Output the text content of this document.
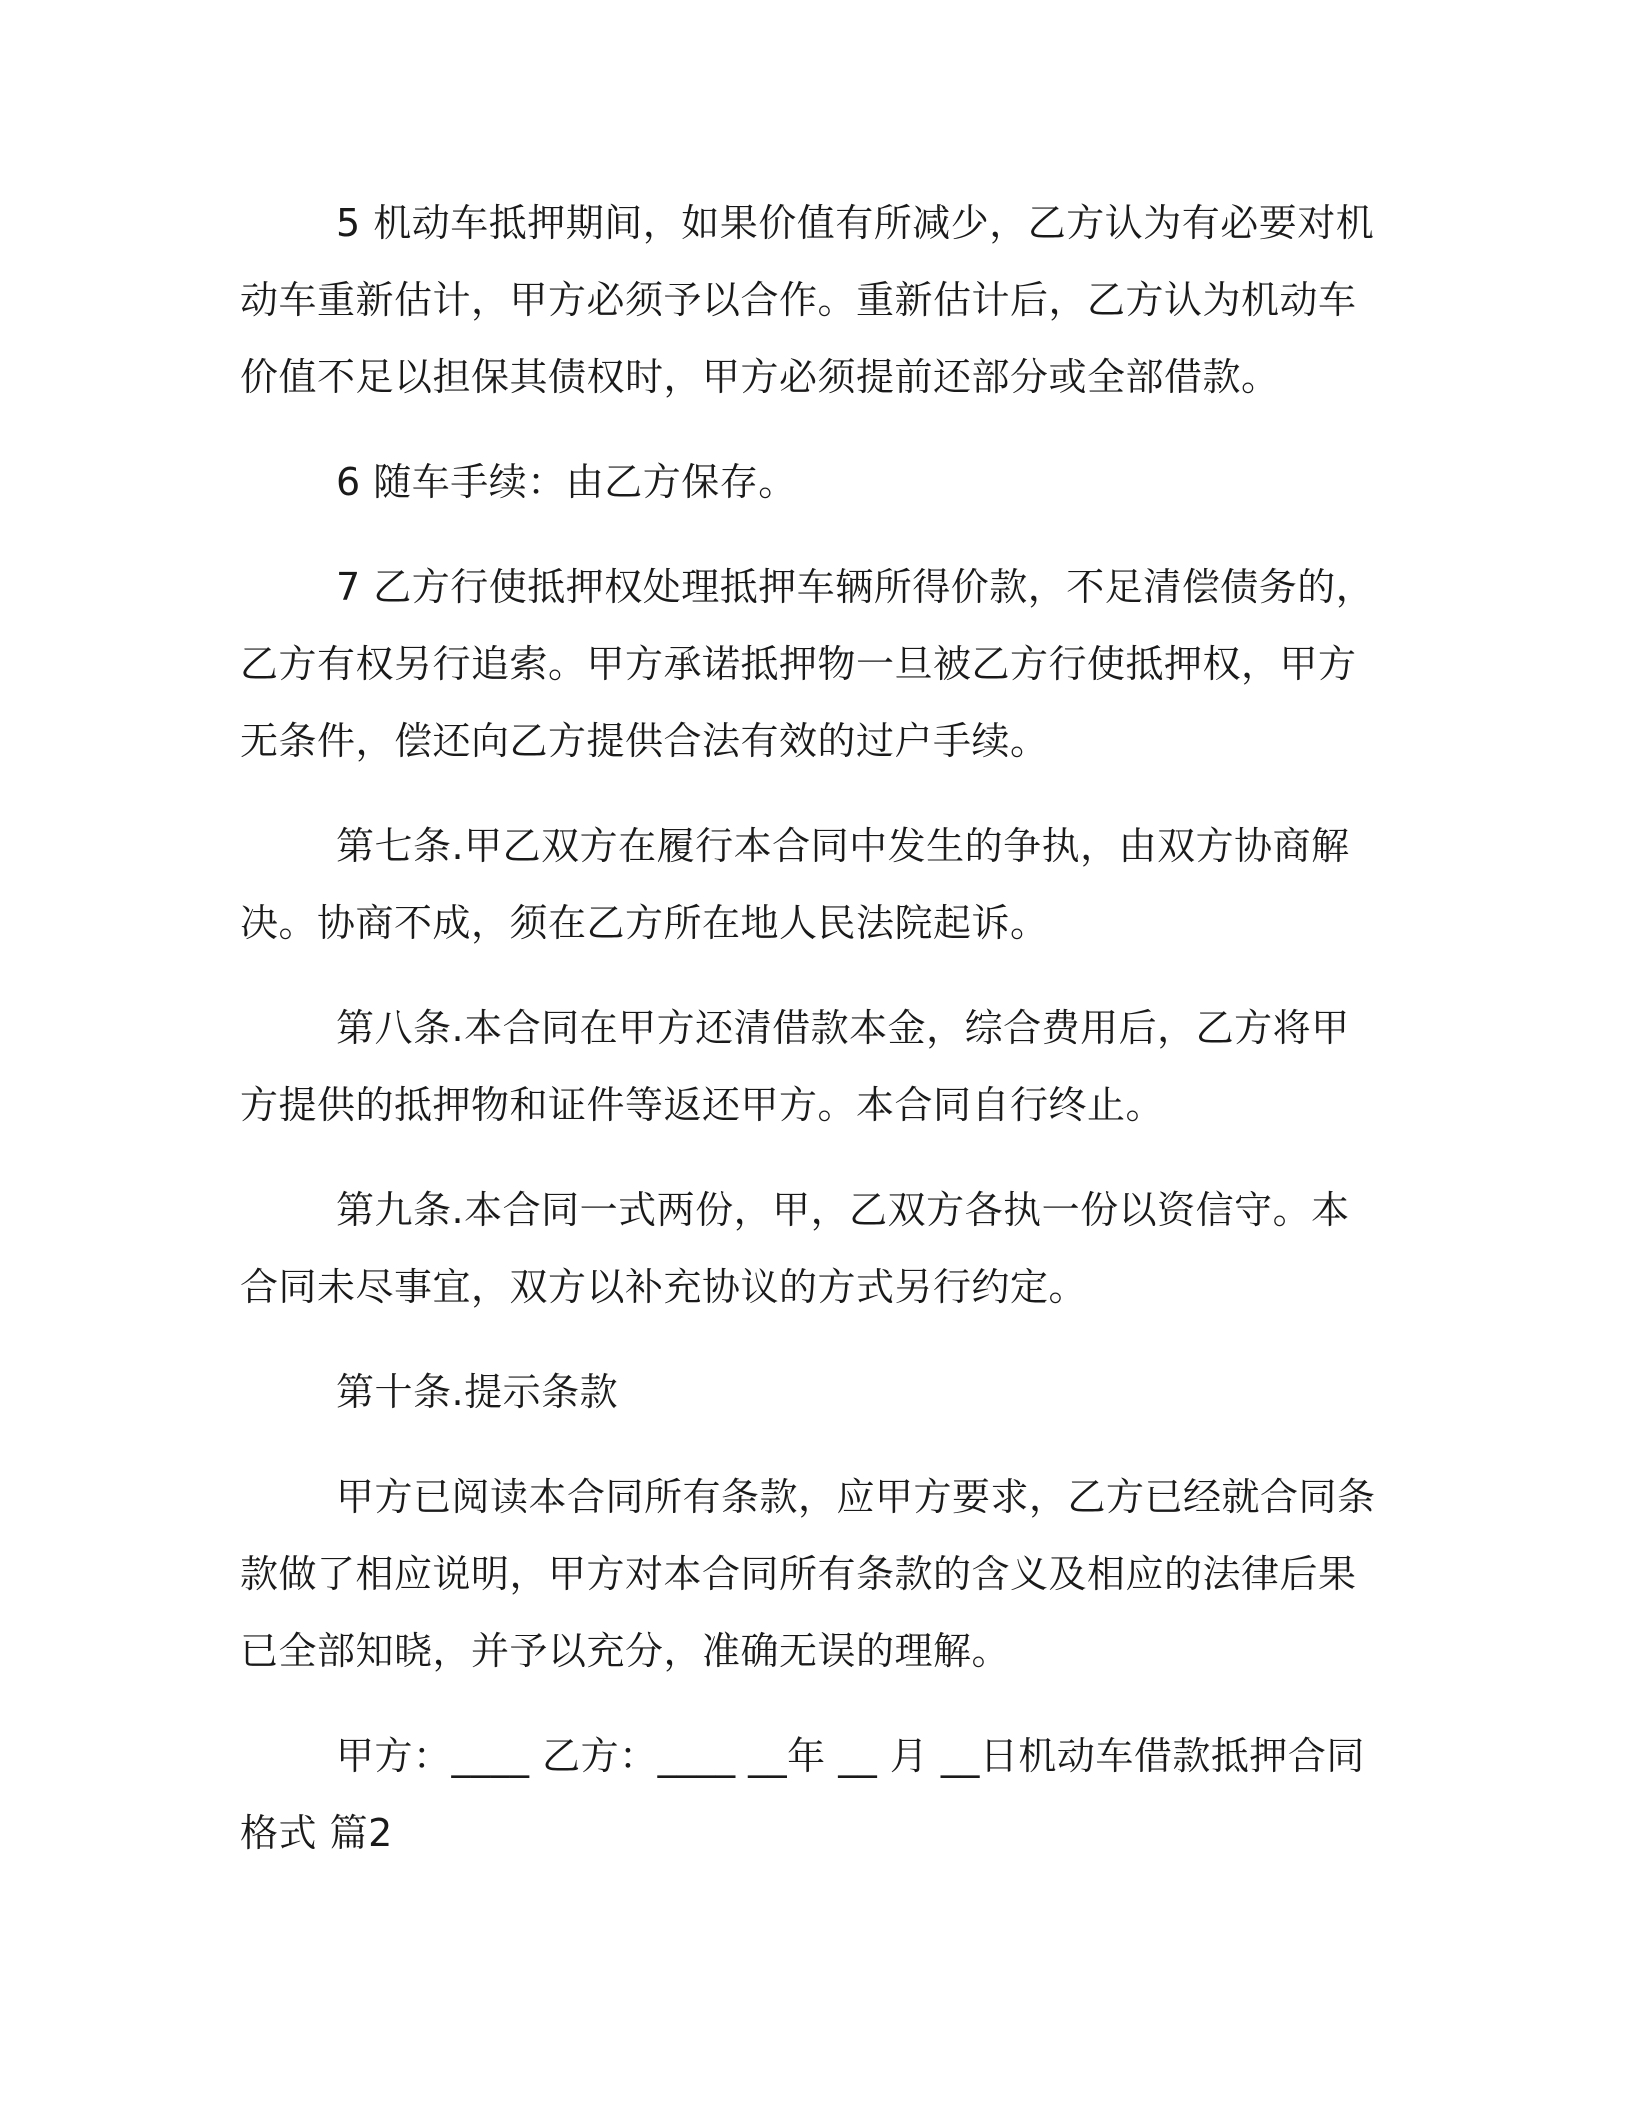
5 机动车抵押期间，如果价值有所减少，乙方认为有必要对机动车重新估计，甲方必须予以合作。重新估计后，乙方认为机动车价值不足以担保其债权时，甲方必须提前还部分或全部借款。

6 随车手续：由乙方保存。

7 乙方行使抵押权处理抵押车辆所得价款，不足清偿债务的，乙方有权另行追索。甲方承诺抵押物一旦被乙方行使抵押权，甲方无条件，偿还向乙方提供合法有效的过户手续。

第七条.甲乙双方在履行本合同中发生的争执，由双方协商解决。协商不成，须在乙方所在地人民法院起诉。

第八条.本合同在甲方还清借款本金，综合费用后，乙方将甲方提供的抵押物和证件等返还甲方。本合同自行终止。

第九条.本合同一式两份，甲，乙双方各执一份以资信守。本合同未尽事宜，双方以补充协议的方式另行约定。

第十条.提示条款

甲方已阅读本合同所有条款，应甲方要求，乙方已经就合同条款做了相应说明，甲方对本合同所有条款的含义及相应的法律后果已全部知晓，并予以充分，准确无误的理解。

甲方：____ 乙方：____ __年 __ 月 __日机动车借款抵押合同格式 篇2
